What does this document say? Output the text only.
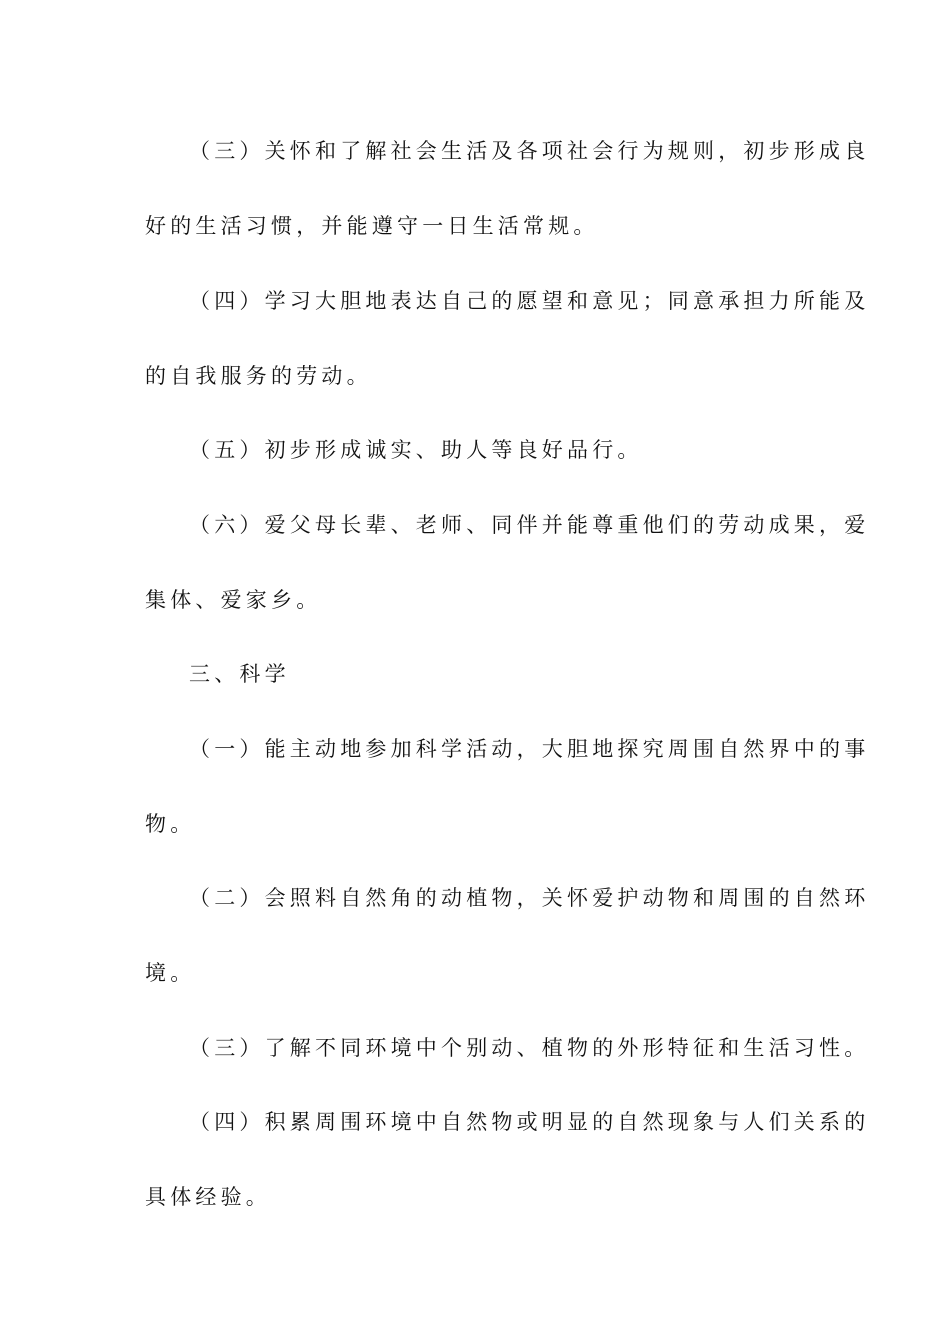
（三）关怀和了解社会生活及各项社会行为规则，初步形成良
好的生活习惯，并能遵守一日生活常规。
（四）学习大胆地表达自己的愿望和意见；同意承担力所能及
的自我服务的劳动。
（五）初步形成诚实、助人等良好品行。
（六）爱父母长辈、老师、同伴并能尊重他们的劳动成果，爱
集体、爱家乡。
三、科学
（一）能主动地参加科学活动，大胆地探究周围自然界中的事
物。
（二）会照料自然角的动植物，关怀爱护动物和周围的自然环
境。
（三）了解不同环境中个别动、植物的外形特征和生活习性。
（四）积累周围环境中自然物或明显的自然现象与人们关系的
具体经验。
